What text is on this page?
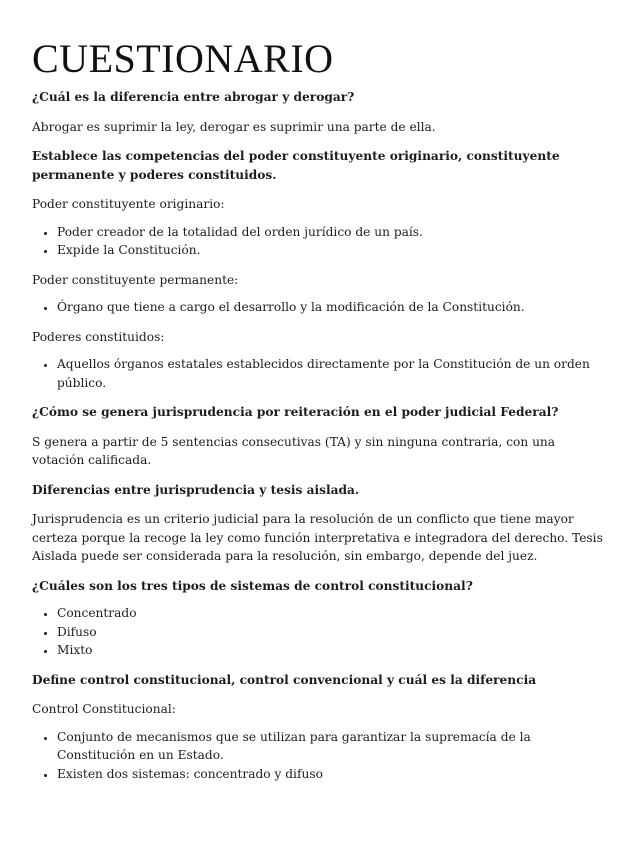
CUESTIONARIO

¿Cuál es la diferencia entre abrogar y derogar?

Abrogar es suprimir la ley, derogar es suprimir una parte de ella.

Establece las competencias del poder constituyente originario, constituyente permanente y poderes constituidos.

Poder constituyente originario:

• Poder creador de la totalidad del orden jurídico de un país.
• Expide la Constitución.

Poder constituyente permanente:

• Órgano que tiene a cargo el desarrollo y la modificación de la Constitución.

Poderes constituidos:

• Aquellos órganos estatales establecidos directamente por la Constitución de un orden público.

¿Cómo se genera jurisprudencia por reiteración en el poder judicial Federal?

S genera a partir de 5 sentencias consecutivas (TA) y sin ninguna contraria, con una votación calificada.

Diferencias entre jurisprudencia y tesis aislada.

Jurisprudencia es un criterio judicial para la resolución de un conflicto que tiene mayor certeza porque la recoge la ley como función interpretativa e integradora del derecho. Tesis Aislada puede ser considerada para la resolución, sin embargo, depende del juez.

¿Cuáles son los tres tipos de sistemas de control constitucional?

• Concentrado
• Difuso
• Mixto

Define control constitucional, control convencional y cuál es la diferencia

Control Constitucional:

• Conjunto de mecanismos que se utilizan para garantizar la supremacía de la Constitución en un Estado.
• Existen dos sistemas: concentrado y difuso
